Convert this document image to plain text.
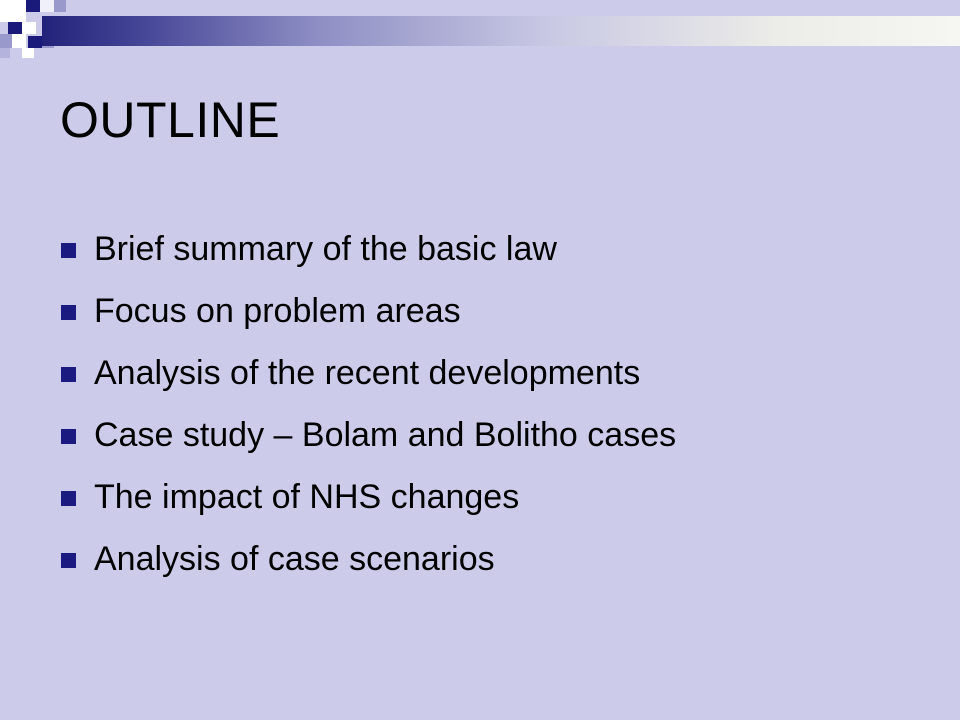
OUTLINE
Brief summary of the basic law
Focus on problem areas
Analysis of the recent developments
Case study – Bolam and Bolitho cases
The impact of NHS changes
Analysis of case scenarios
